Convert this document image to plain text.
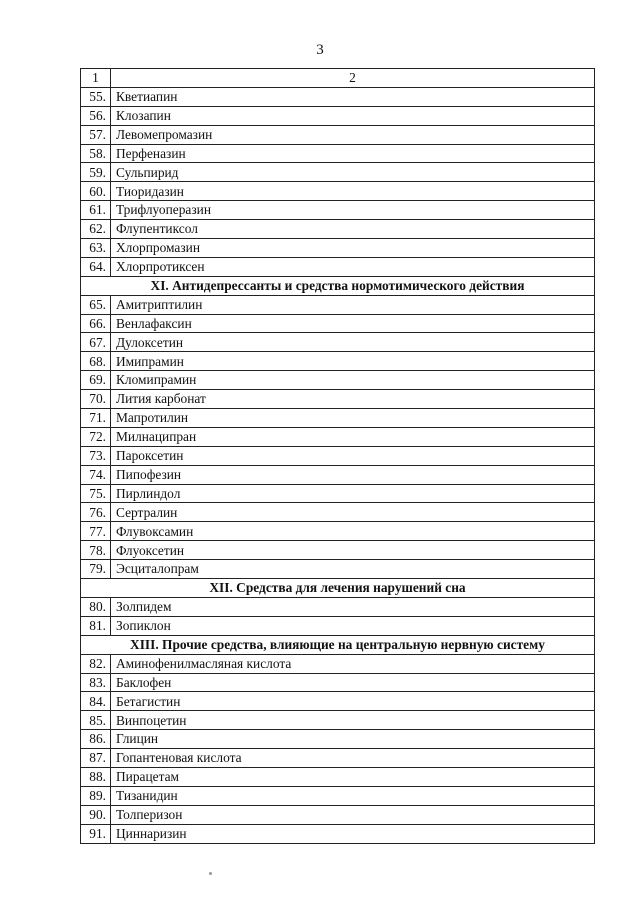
3
1	2
55.	Кветиапин
56.	Клозапин
57.	Левомепромазин
58.	Перфеназин
59.	Сульпирид
60.	Тиоридазин
61.	Трифлуоперазин
62.	Флупентиксол
63.	Хлорпромазин
64.	Хлорпротиксен
XI. Антидепрессанты и средства нормотимического действия	
65.	Амитриптилин
66.	Венлафаксин
67.	Дулоксетин
68.	Имипрамин
69.	Кломипрамин
70.	Лития карбонат
71.	Мапротилин
72.	Милнаципран
73.	Пароксетин
74.	Пипофезин
75.	Пирлиндол
76.	Сертралин
77.	Флувоксамин
78.	Флуоксетин
79.	Эсциталопрам
XII. Средства для лечения нарушений сна	
80.	Золпидем
81.	Зопиклон
XIII. Прочие средства, влияющие на центральную нервную систему	
82.	Аминофенилмасляная кислота
83.	Баклофен
84.	Бетагистин
85.	Винпоцетин
86.	Глицин
87.	Гопантеновая кислота
88.	Пирацетам
89.	Тизанидин
90.	Толперизон
91.	Циннаризин
